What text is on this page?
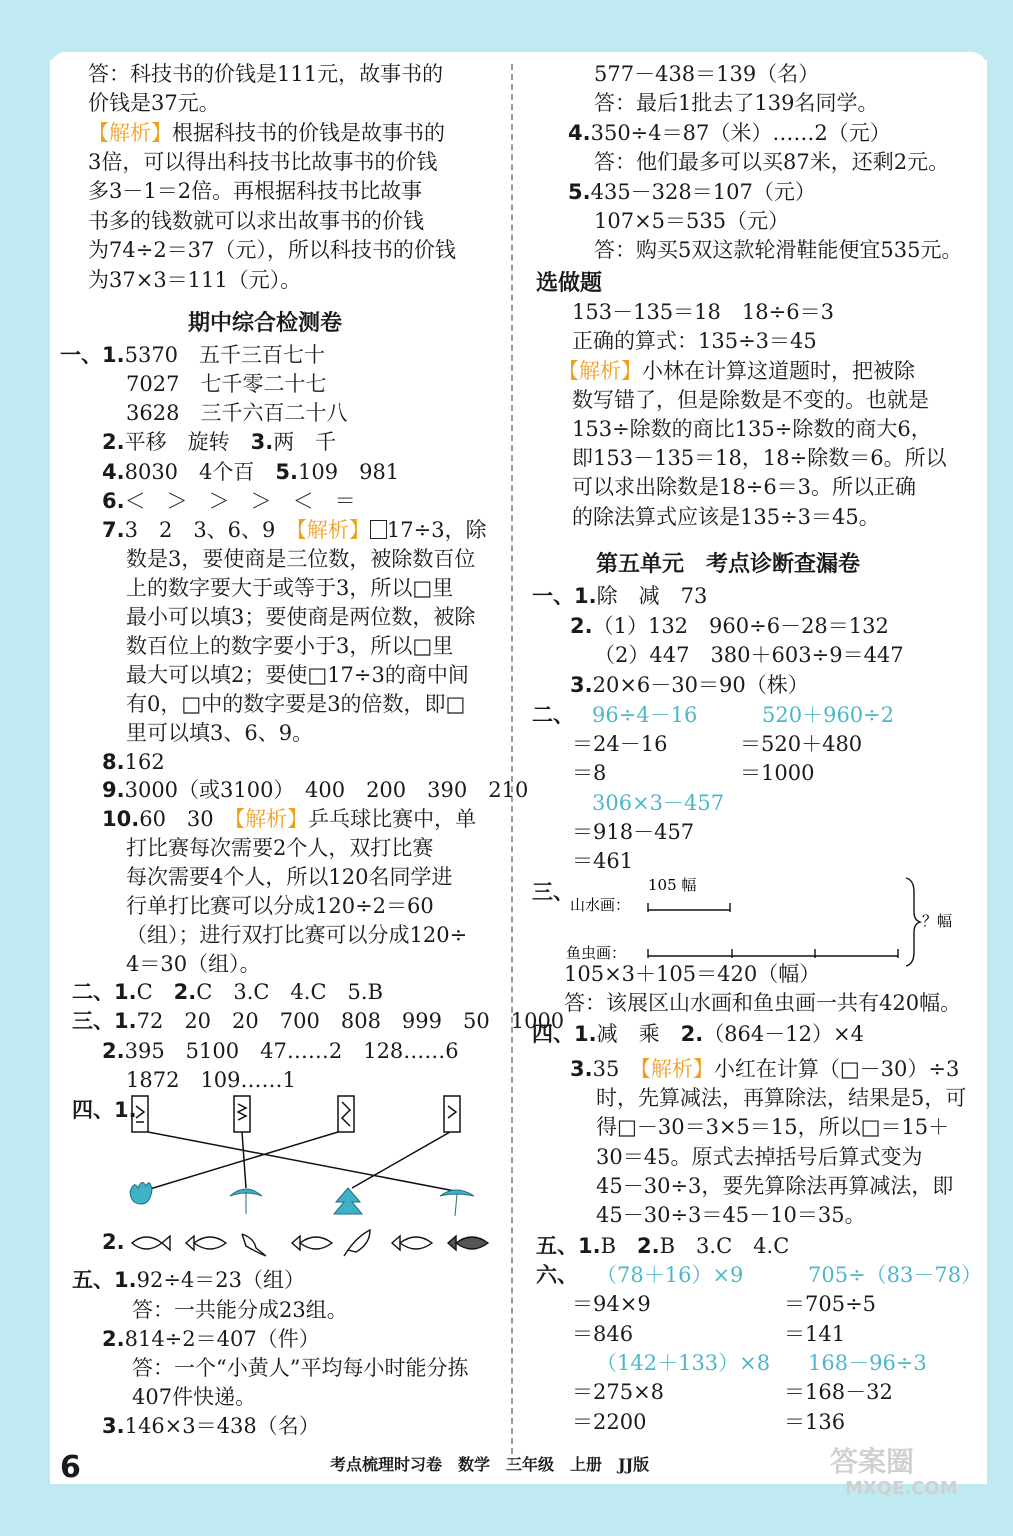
答：科技书的价钱是111元，故事书的
价钱是37元。
【解析】根据科技书的价钱是故事书的
3倍，可以得出科技书比故事书的价钱
多3－1＝2倍。再根据科技书比故事
书多的钱数就可以求出故事书的价钱
为74÷2＝37（元），所以科技书的价钱
为37×3＝111（元）。
期中综合检测卷
一、1.5370　五千三百七十
7027　七千零二十七
3628　三千六百二十八
2.平移　旋转　3.两　千
4.8030　4个百　5.109　981
6.＜　＞　＞　＞　＜　＝
7.3　2　3、6、9　【解析】 17÷3，除
数是3，要使商是三位数，被除数百位
上的数字要大于或等于3，所以□里
最小可以填3；要使商是两位数，被除
数百位上的数字要小于3，所以□里
最大可以填2；要使□17÷3的商中间
有0，□中的数字要是3的倍数，即□
里可以填3、6、9。
8.162
9.3000（或3100）　400　200　390　210
10.60　30　【解析】乒乓球比赛中，单
打比赛每次需要2个人，双打比赛
每次需要4个人，所以120名同学进
行单打比赛可以分成120÷2＝60
（组）；进行双打比赛可以分成120÷
4＝30（组）。
二、1.C　2.C　3.C　4.C　5.B
三、1.72　20　20　700　808　999　50　1000
2.395　5100　47……2　128……6
1872　109……1
四、1.
2.
五、1.92÷4＝23（组）
答：一共能分成23组。
2.814÷2＝407（件）
答：一个“小黄人”平均每小时能分拣
407件快递。
3.146×3＝438（名）
577－438＝139（名）
答：最后1批去了139名同学。
4.350÷4＝87（米）……2（元）
答：他们最多可以买87米，还剩2元。
5.435－328＝107（元）
107×5＝535（元）
答：购买5双这款轮滑鞋能便宜535元。
选做题
153－135＝18　18÷6＝3
正确的算式：135÷3＝45
【解析】小林在计算这道题时，把被除
数写错了，但是除数是不变的。也就是
153÷除数的商比135÷除数的商大6，
即153－135＝18，18÷除数＝6。所以
可以求出除数是18÷6＝3。所以正确
的除法算式应该是135÷3＝45。
第五单元　考点诊断查漏卷
一、1.除　减　73
2.（1）132　960÷6－28＝132
（2）447　380＋603÷9＝447
3.20×6－30＝90（株）
二、 96÷4－16	520＋960÷2
＝24－16	＝520＋480
＝8	＝1000
306×3－457
＝918－457
＝461
三、
105×3＋105＝420（幅）
答：该展区山水画和鱼虫画一共有420幅。
四、1.减　乘　2.（864－12）×4
3.35　【解析】小红在计算（□－30）÷3
时，先算减法，再算除法，结果是5，可
得□－30＝3×5＝15，所以□＝15＋
30＝45。原式去掉括号后算式变为
45－30÷3，要先算除法再算减法，即
45－30÷3＝45－10＝35。
五、1.B　2.B　3.C　4.C
六、 （78＋16）×9	705÷（83－78）
＝94×9	＝705÷5
＝846	＝141
（142＋133）×8 168－96÷3
＝275×8	＝168－32
＝2200	＝136
105 幅
山水画：
鱼虫画：
？幅
6	考点梳理时习卷　数学　三年级　上册　JJ版	答案圈
MXQE.COM
